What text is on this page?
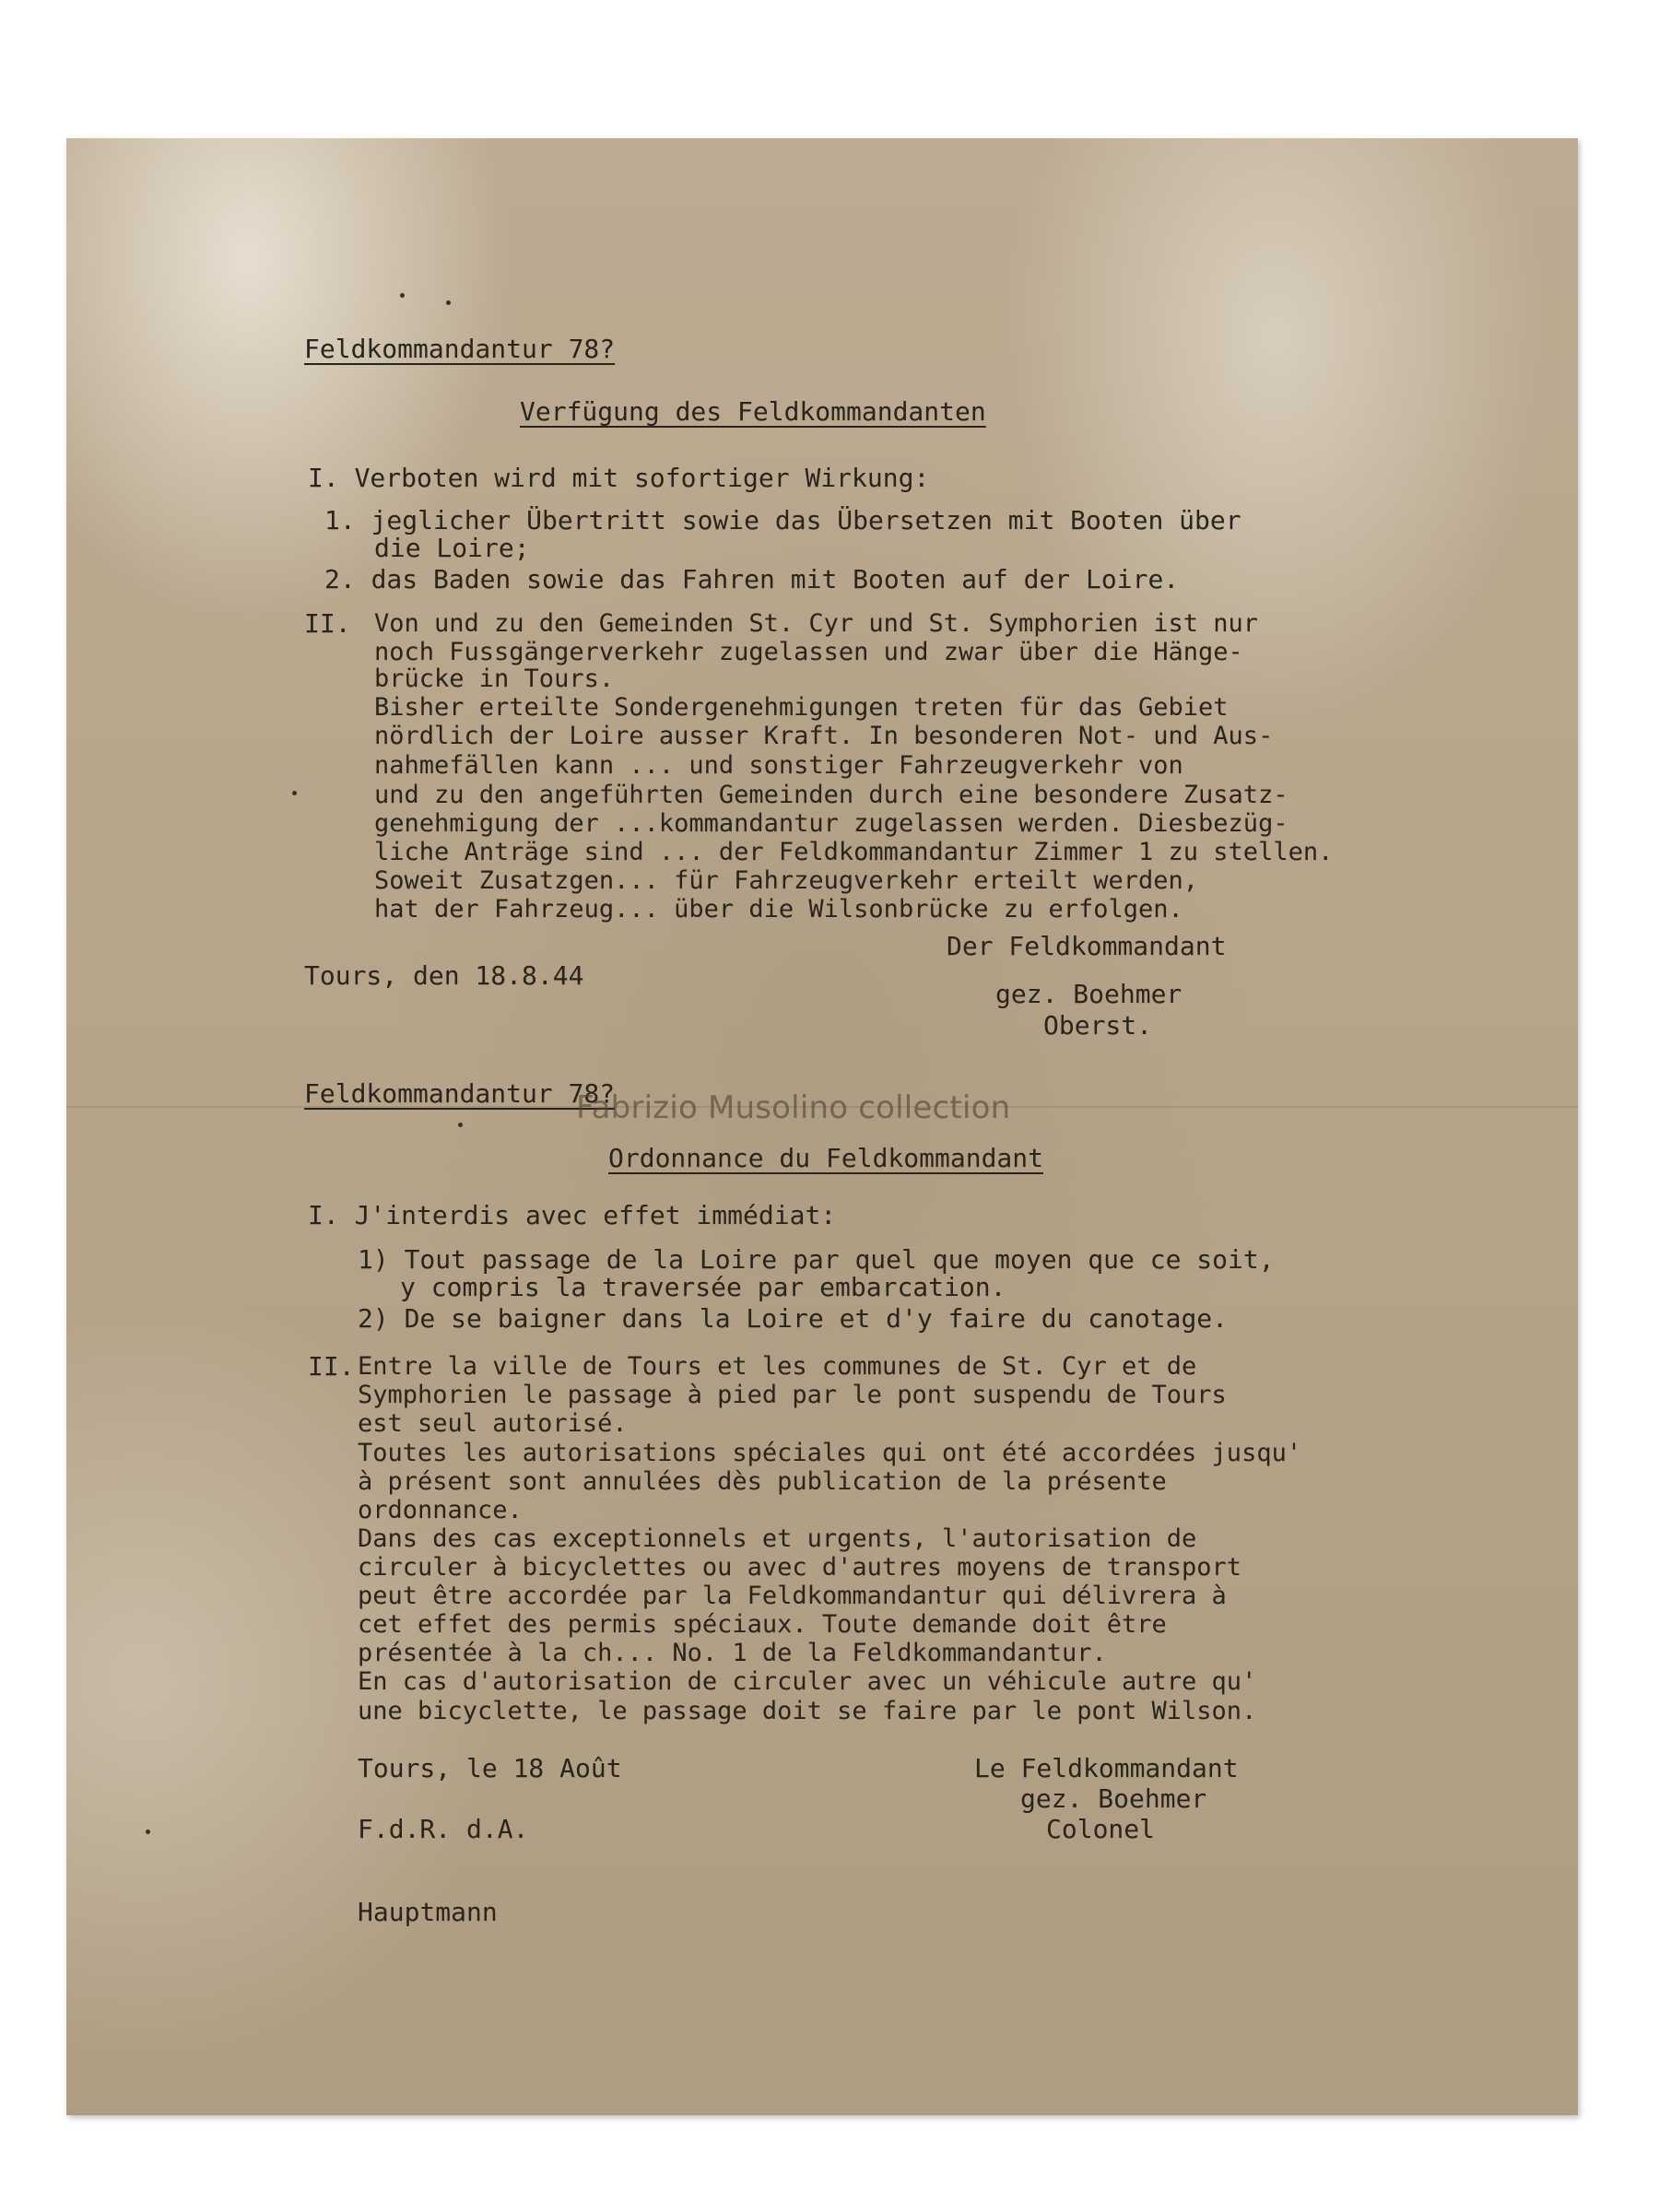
Feldkommandantur 78?
Verfügung des Feldkommandanten
I. Verboten wird mit sofortiger Wirkung:
1. jeglicher Übertritt sowie das Übersetzen mit Booten über
die Loire;
2. das Baden sowie das Fahren mit Booten auf der Loire.
II. Von und zu den Gemeinden St. Cyr und St. Symphorien ist nur
noch Fussgängerverkehr zugelassen und zwar über die Hänge-
brücke in Tours.
Bisher erteilte Sondergenehmigungen treten für das Gebiet
nördlich der Loire ausser Kraft. In besonderen Not- und Aus-
nahmefällen kann ... und sonstiger Fahrzeugverkehr von
und zu den angeführten Gemeinden durch eine besondere Zusatz-
genehmigung der ...kommandantur zugelassen werden. Diesbezüg-
liche Anträge sind ... der Feldkommandantur Zimmer 1 zu stellen.
Soweit Zusatzgen... für Fahrzeugverkehr erteilt werden,
hat der Fahrzeug... über die Wilsonbrücke zu erfolgen.
Tours, den 18.8.44
Der Feldkommandant
gez. Boehmer
Oberst.
Feldkommandantur 78?
Ordonnance du Feldkommandant
I. J'interdis avec effet immédiat:
1) Tout passage de la Loire par quel que moyen que ce soit,
y compris la traversée par embarcation.
2) De se baigner dans la Loire et d'y faire du canotage.
II. Entre la ville de Tours et les communes de St. Cyr et de
Symphorien le passage à pied par le pont suspendu de Tours
est seul autorisé.
Toutes les autorisations spéciales qui ont été accordées jusqu'
à présent sont annulées dès publication de la présente
ordonnance.
Dans des cas exceptionnels et urgents, l'autorisation de
circuler à bicyclettes ou avec d'autres moyens de transport
peut être accordée par la Feldkommandantur qui délivrera à
cet effet des permis spéciaux. Toute demande doit être
présentée à la ch... No. 1 de la Feldkommandantur.
En cas d'autorisation de circuler avec un véhicule autre qu'
une bicyclette, le passage doit se faire par le pont Wilson.
Tours, le 18 Août	Le Feldkommandant
gez. Boehmer
Colonel
F.d.R. d.A.
Hauptmann
Fabrizio Musolino collection
